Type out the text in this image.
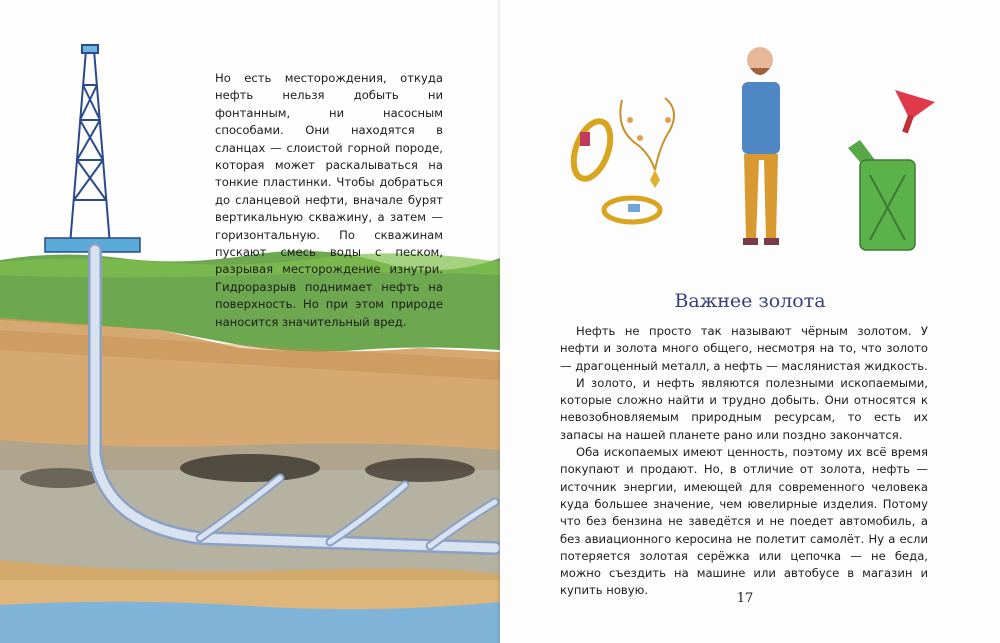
Но есть месторождения, откуда нефть нельзя добыть ни фонтанным, ни насосным способами. Они находятся в сланцах — слоистой горной породе, которая может раскалываться на тонкие пластинки. Чтобы добраться до сланцевой нефти, вначале бурят вертикальную скважину, а затем — горизонтальную. По скважинам пускают смесь воды с песком, разрывая месторождение изнутри. Гидроразрыв поднимает нефть на поверхность. Но при этом природе наносится значительный вред.

Важнее золота

Нефть не просто так называют чёрным золотом. У нефти и золота много общего, несмотря на то, что золото — драгоценный металл, а нефть — маслянистая жидкость.

И золото, и нефть являются полезными ископаемыми, которые сложно найти и трудно добыть. Они относятся к невозобновляемым природным ресурсам, то есть их запасы на нашей планете рано или поздно закончатся.

Оба ископаемых имеют ценность, поэтому их всё время покупают и продают. Но, в отличие от золота, нефть — источник энергии, имеющей для современного человека куда большее значение, чем ювелирные изделия. Потому что без бензина не заведётся и не поедет автомобиль, а без авиационного керосина не полетит самолёт. Ну а если потеряется золотая серёжка или цепочка — не беда, можно съездить на машине или автобусе в магазин и купить новую.

17
